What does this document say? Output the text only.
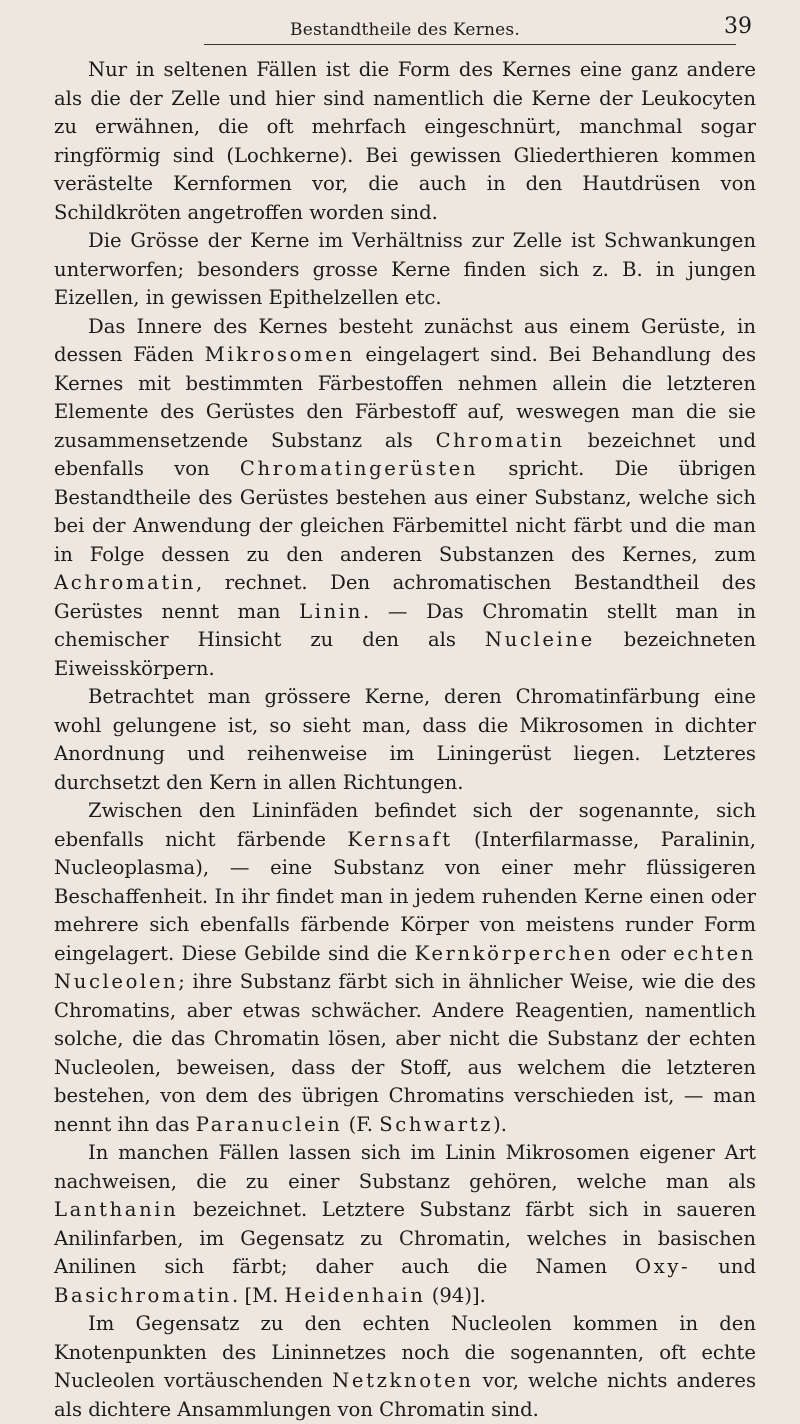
Bestandtheile des Kernes.	39

Nur in seltenen Fällen ist die Form des Kernes eine ganz andere als die der Zelle und hier sind namentlich die Kerne der Leukocyten zu erwähnen, die oft mehrfach eingeschnürt, manchmal sogar ringförmig sind (Lochkerne). Bei gewissen Gliederthieren kommen verästelte Kernformen vor, die auch in den Hautdrüsen von Schildkröten angetroffen worden sind.

Die Grösse der Kerne im Verhältniss zur Zelle ist Schwankungen unterworfen; besonders grosse Kerne finden sich z. B. in jungen Eizellen, in gewissen Epithelzellen etc.

Das Innere des Kernes besteht zunächst aus einem Gerüste, in dessen Fäden Mikrosomen eingelagert sind. Bei Behandlung des Kernes mit bestimmten Färbestoffen nehmen allein die letzteren Elemente des Gerüstes den Färbestoff auf, weswegen man die sie zusammensetzende Substanz als Chromatin bezeichnet und ebenfalls von Chromatingerüsten spricht. Die übrigen Bestandtheile des Gerüstes bestehen aus einer Substanz, welche sich bei der Anwendung der gleichen Färbemittel nicht färbt und die man in Folge dessen zu den anderen Substanzen des Kernes, zum Achromatin, rechnet. Den achromatischen Bestandtheil des Gerüstes nennt man Linin. — Das Chromatin stellt man in chemischer Hinsicht zu den als Nucleine bezeichneten Eiweisskörpern.

Betrachtet man grössere Kerne, deren Chromatinfärbung eine wohl gelungene ist, so sieht man, dass die Mikrosomen in dichter Anordnung und reihenweise im Liningerüst liegen. Letzteres durchsetzt den Kern in allen Richtungen.

Zwischen den Lininfäden befindet sich der sogenannte, sich ebenfalls nicht färbende Kernsaft (Interfilarmasse, Paralinin, Nucleoplasma), — eine Substanz von einer mehr flüssigeren Beschaffenheit. In ihr findet man in jedem ruhenden Kerne einen oder mehrere sich ebenfalls färbende Körper von meistens runder Form eingelagert. Diese Gebilde sind die Kernkörperchen oder echten Nucleolen; ihre Substanz färbt sich in ähnlicher Weise, wie die des Chromatins, aber etwas schwächer. Andere Reagentien, namentlich solche, die das Chromatin lösen, aber nicht die Substanz der echten Nucleolen, beweisen, dass der Stoff, aus welchem die letzteren bestehen, von dem des übrigen Chromatins verschieden ist, — man nennt ihn das Paranuclein (F. Schwartz).

In manchen Fällen lassen sich im Linin Mikrosomen eigener Art nachweisen, die zu einer Substanz gehören, welche man als Lanthanin bezeichnet. Letztere Substanz färbt sich in saueren Anilinfarben, im Gegensatz zu Chromatin, welches in basischen Anilinen sich färbt; daher auch die Namen Oxy- und Basichromatin. [M. Heidenhain (94)].

Im Gegensatz zu den echten Nucleolen kommen in den Knotenpunkten des Lininnetzes noch die sogenannten, oft echte Nucleolen vortäuschenden Netzknoten vor, welche nichts anderes als dichtere Ansammlungen von Chromatin sind.
